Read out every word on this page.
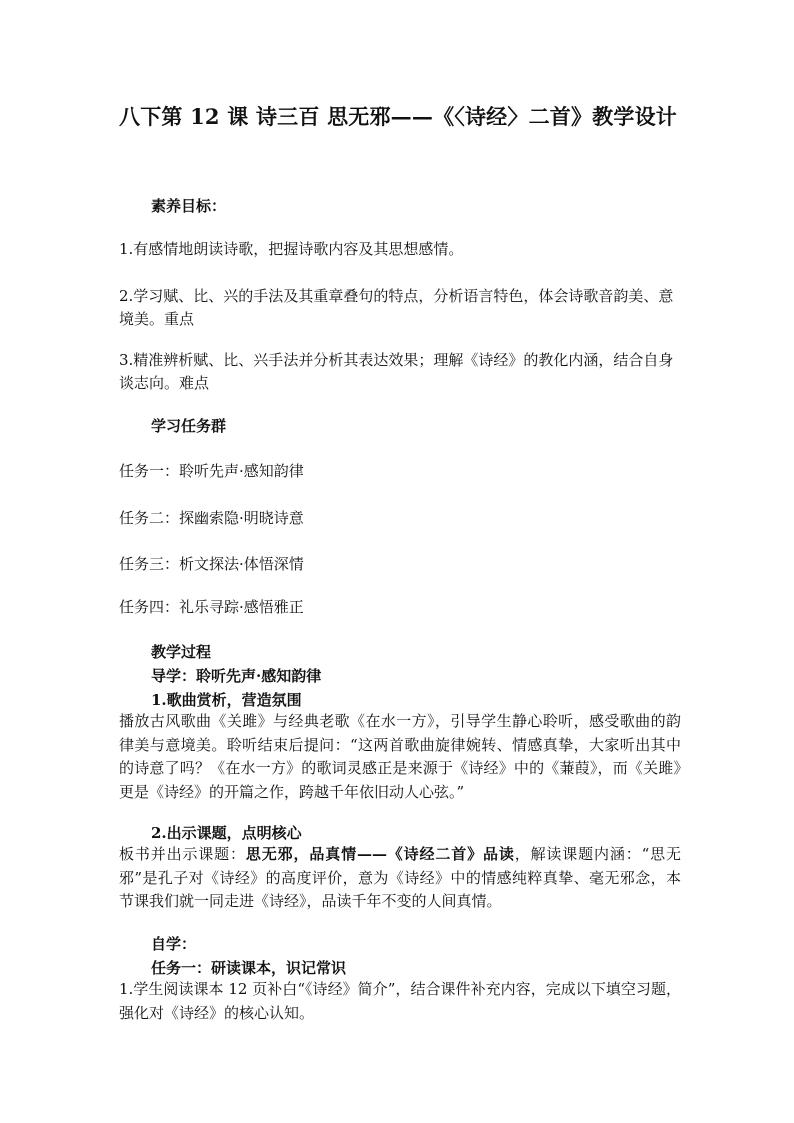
八下第 12 课 诗三百 思无邪——《〈诗经〉二首》教学设计
素养目标：
1.有感情地朗读诗歌，把握诗歌内容及其思想感情。
2.学习赋、比、兴的手法及其重章叠句的特点，分析语言特色，体会诗歌音韵美、意境美。重点
3.精准辨析赋、比、兴手法并分析其表达效果；理解《诗经》的教化内涵，结合自身谈志向。难点
学习任务群
任务一：聆听先声·感知韵律
任务二：探幽索隐·明晓诗意
任务三：析文探法·体悟深情
任务四：礼乐寻踪·感悟雅正
教学过程
导学：聆听先声·感知韵律
1.歌曲赏析，营造氛围
播放古风歌曲《关雎》与经典老歌《在水一方》，引导学生静心聆听，感受歌曲的韵律美与意境美。聆听结束后提问：“这两首歌曲旋律婉转、情感真挚，大家听出其中的诗意了吗？《在水一方》的歌词灵感正是来源于《诗经》中的《蒹葭》，而《关雎》更是《诗经》的开篇之作，跨越千年依旧动人心弦。”
2.出示课题，点明核心
板书并出示课题：思无邪，品真情——《诗经二首》品读，解读课题内涵：“思无邪”是孔子对《诗经》的高度评价，意为《诗经》中的情感纯粹真挚、毫无邪念，本节课我们就一同走进《诗经》，品读千年不变的人间真情。
自学：
任务一：研读课本，识记常识
1.学生阅读课本 12 页补白“《诗经》简介”，结合课件补充内容，完成以下填空习题，强化对《诗经》的核心认知。
